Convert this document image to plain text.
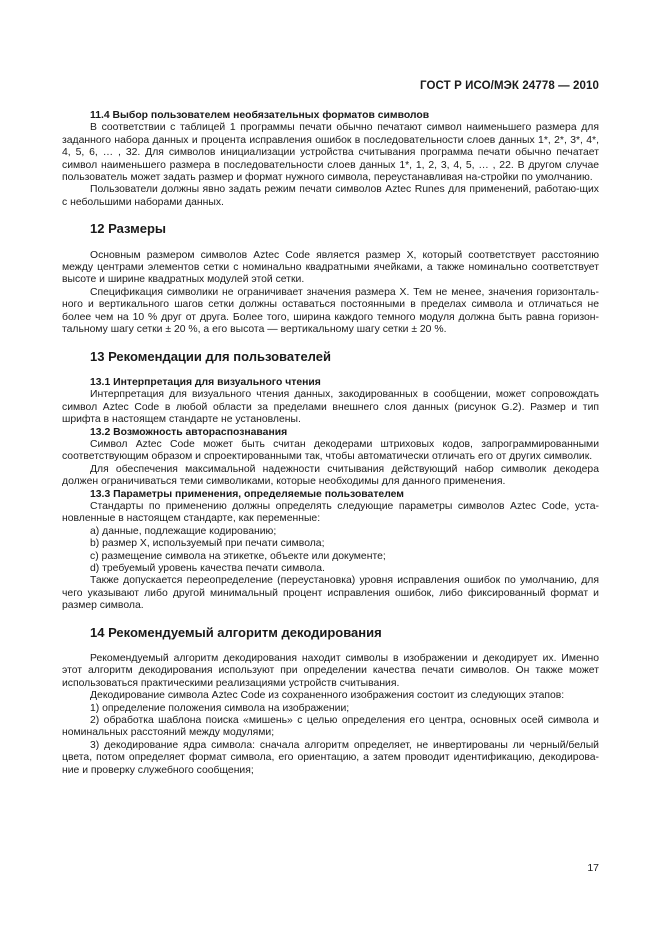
ГОСТ Р ИСО/МЭК 24778 — 2010

11.4 Выбор пользователем необязательных форматов символов

В соответствии с таблицей 1 программы печати обычно печатают символ наименьшего размера для заданного набора данных и процента исправления ошибок в последовательности слоев данных 1*, 2*, 3*, 4*, 4, 5, 6, … , 32. Для символов инициализации устройства считывания программа печати обычно печатает символ наименьшего размера в последовательности слоев данных 1*, 1, 2, 3, 4, 5, … , 22. В другом случае пользователь может задать размер и формат нужного символа, переустанавливая на-стройки по умолчанию.

Пользователи должны явно задать режим печати символов Aztec Runes для применений, работаю-щих с небольшими наборами данных.

12 Размеры

Основным размером символов Aztec Code является размер X, который соответствует расстоянию между центрами элементов сетки с номинально квадратными ячейками, а также номинально соответствует высоте и ширине квадратных модулей этой сетки.

Спецификация символики не ограничивает значения размера X. Тем не менее, значения горизонталь-ного и вертикального шагов сетки должны оставаться постоянными в пределах символа и отличаться не более чем на 10 % друг от друга. Более того, ширина каждого темного модуля должна быть равна горизон-тальному шагу сетки ± 20 %, а его высота — вертикальному шагу сетки ± 20 %.

13 Рекомендации для пользователей

13.1 Интерпретация для визуального чтения

Интерпретация для визуального чтения данных, закодированных в сообщении, может сопровождать символ Aztec Code в любой области за пределами внешнего слоя данных (рисунок G.2). Размер и тип шрифта в настоящем стандарте не установлены.

13.2 Возможность автораспознавания

Символ Aztec Code может быть считан декодерами штриховых кодов, запрограммированными соответствующим образом и спроектированными так, чтобы автоматически отличать его от других символик.

Для обеспечения максимальной надежности считывания действующий набор символик декодера должен ограничиваться теми символиками, которые необходимы для данного применения.

13.3 Параметры применения, определяемые пользователем

Стандарты по применению должны определять следующие параметры символов Aztec Code, уста-новленные в настоящем стандарте, как переменные:

a) данные, подлежащие кодированию;

b) размер X, используемый при печати символа;

c) размещение символа на этикетке, объекте или документе;

d) требуемый уровень качества печати символа.

Также допускается переопределение (переустановка) уровня исправления ошибок по умолчанию, для чего указывают либо другой минимальный процент исправления ошибок, либо фиксированный формат и размер символа.

14 Рекомендуемый алгоритм декодирования

Рекомендуемый алгоритм декодирования находит символы в изображении и декодирует их. Именно этот алгоритм декодирования используют при определении качества печати символов. Он также может использоваться практическими реализациями устройств считывания.

Декодирование символа Aztec Code из сохраненного изображения состоит из следующих этапов:

1) определение положения символа на изображении;

2) обработка шаблона поиска «мишень» с целью определения его центра, основных осей символа и номинальных расстояний между модулями;

3) декодирование ядра символа: сначала алгоритм определяет, не инвертированы ли черный/белый цвета, потом определяет формат символа, его ориентацию, а затем проводит идентификацию, декодирова-ние и проверку служебного сообщения;

17
